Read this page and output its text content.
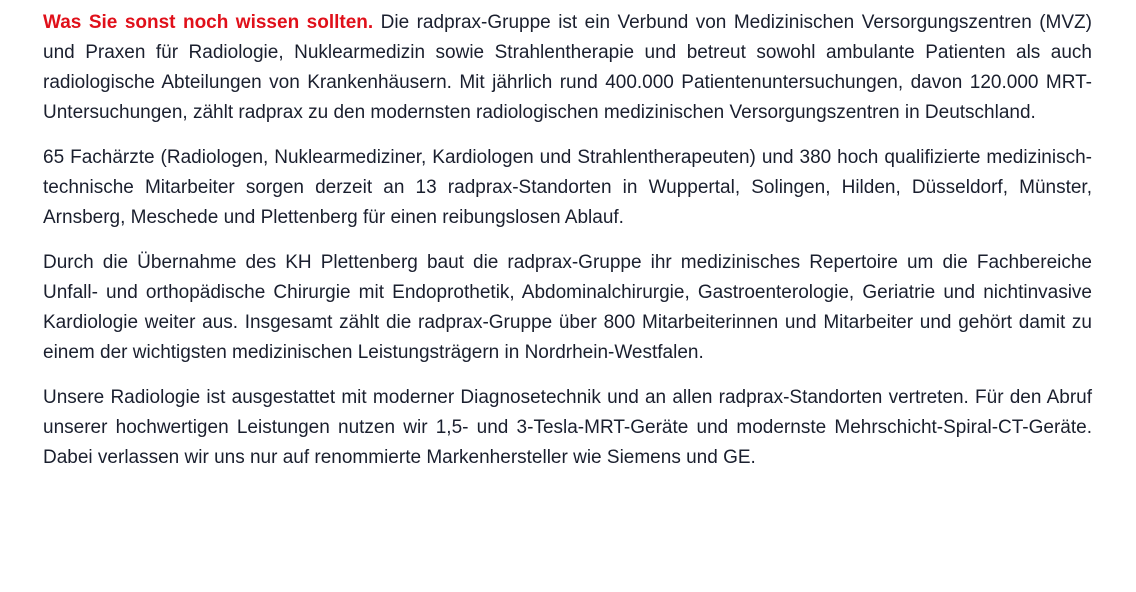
Was Sie sonst noch wissen sollten. Die radprax-Gruppe ist ein Verbund von Medizinischen Versorgungszentren (MVZ) und Praxen für Radiologie, Nuklearmedizin sowie Strahlentherapie und betreut sowohl ambulante Patienten als auch radiologische Abteilungen von Krankenhäusern. Mit jährlich rund 400.000 Patientenuntersuchungen, davon 120.000 MRT-Untersuchungen, zählt radprax zu den modernsten radiologischen medizinischen Versorgungszentren in Deutschland.

65 Fachärzte (Radiologen, Nuklearmediziner, Kardiologen und Strahlentherapeuten) und 380 hoch qualifizierte medizinisch-technische Mitarbeiter sorgen derzeit an 13 radprax-Standorten in Wuppertal, Solingen, Hilden, Düsseldorf, Münster, Arnsberg, Meschede und Plettenberg für einen reibungslosen Ablauf.

Durch die Übernahme des KH Plettenberg baut die radprax-Gruppe ihr medizinisches Repertoire um die Fachbereiche Unfall- und orthopädische Chirurgie mit Endoprothetik, Abdominalchirurgie, Gastroenterologie, Geriatrie und nichtinvasive Kardiologie weiter aus. Insgesamt zählt die radprax-Gruppe über 800 Mitarbeiterinnen und Mitarbeiter und gehört damit zu einem der wichtigsten medizinischen Leistungsträgern in Nordrhein-Westfalen.

Unsere Radiologie ist ausgestattet mit moderner Diagnosetechnik und an allen radprax-Standorten vertreten. Für den Abruf unserer hochwertigen Leistungen nutzen wir 1,5- und 3-Tesla-MRT-Geräte und modernste Mehrschicht-Spiral-CT-Geräte. Dabei verlassen wir uns nur auf renommierte Markenhersteller wie Siemens und GE.
